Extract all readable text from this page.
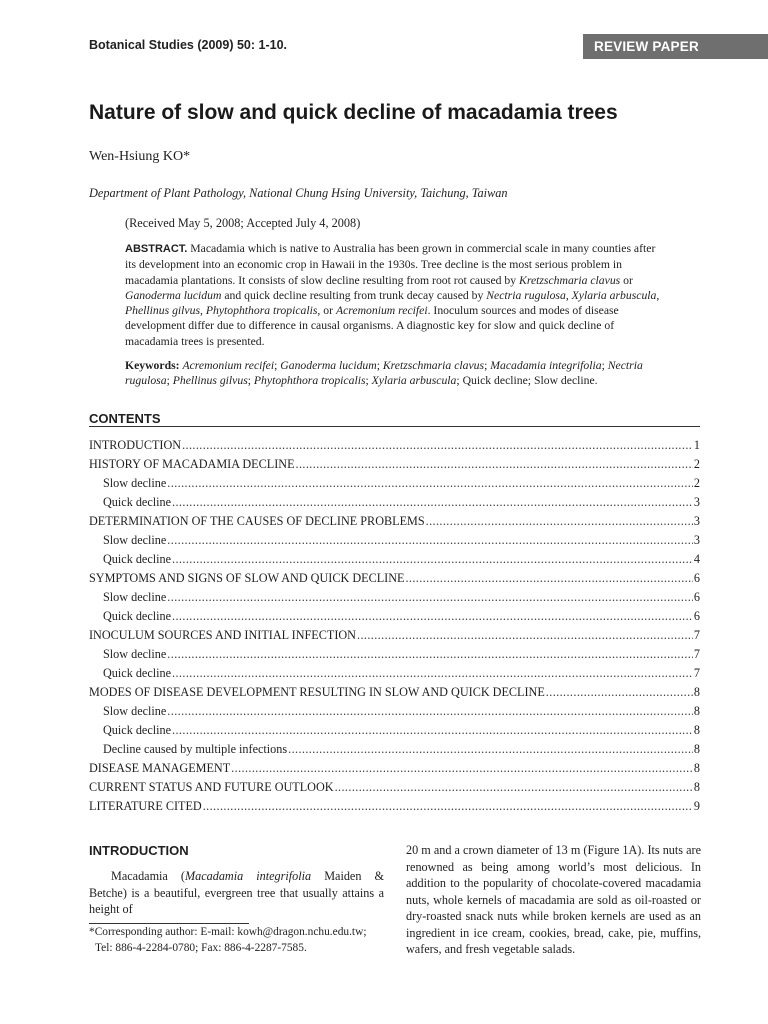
Botanical Studies (2009) 50: 1-10.	REVIEW PAPER
Nature of slow and quick decline of macadamia trees
Wen-Hsiung KO*
Department of Plant Pathology, National Chung Hsing University, Taichung, Taiwan
(Received May 5, 2008; Accepted July 4, 2008)

ABSTRACT. Macadamia which is native to Australia has been grown in commercial scale in many counties after its development into an economic crop in Hawaii in the 1930s. Tree decline is the most serious problem in macadamia plantations. It consists of slow decline resulting from root rot caused by Kretzschmaria clavus or Ganoderma lucidum and quick decline resulting from trunk decay caused by Nectria rugulosa, Xylaria arbuscula, Phellinus gilvus, Phytophthora tropicalis, or Acremonium recifei. Inoculum sources and modes of disease development differ due to difference in causal organisms. A diagnostic key for slow and quick decline of macadamia trees is presented.

Keywords: Acremonium recifei; Ganoderma lucidum; Kretzschmaria clavus; Macadamia integrifolia; Nectria rugulosa; Phellinus gilvus; Phytophthora tropicalis; Xylaria arbuscula; Quick decline; Slow decline.

CONTENTS
INTRODUCTION .....	1
HISTORY OF MACADAMIA DECLINE .....	2
Slow decline .....	2
Quick decline .....	3
DETERMINATION OF THE CAUSES OF DECLINE PROBLEMS .....	3
Slow decline .....	3
Quick decline .....	4
SYMPTOMS AND SIGNS OF SLOW AND QUICK DECLINE .....	6
Slow decline .....	6
Quick decline .....	6
INOCULUM SOURCES AND INITIAL INFECTION .....	7
Slow decline .....	7
Quick decline .....	7
MODES OF DISEASE DEVELOPMENT RESULTING IN SLOW AND QUICK DECLINE .....	8
Slow decline .....	8
Quick decline .....	8
Decline caused by multiple infections .....	8
DISEASE MANAGEMENT .....	8
CURRENT STATUS AND FUTURE OUTLOOK .....	8
LITERATURE CITED .....	9
INTRODUCTION

Macadamia (Macadamia integrifolia Maiden & Betche) is a beautiful, evergreen tree that usually attains a height of

*Corresponding author: E-mail: kowh@dragon.nchu.edu.tw;
Tel: 886-4-2284-0780; Fax: 886-4-2287-7585.

20 m and a crown diameter of 13 m (Figure 1A). Its nuts are renowned as being among world’s most delicious. In addition to the popularity of chocolate-covered macadamia nuts, whole kernels of macadamia are sold as oil-roasted or dry-roasted snack nuts while broken kernels are used as an ingredient in ice cream, cookies, bread, cake, pie, muffins, wafers, and fresh vegetable salads.
